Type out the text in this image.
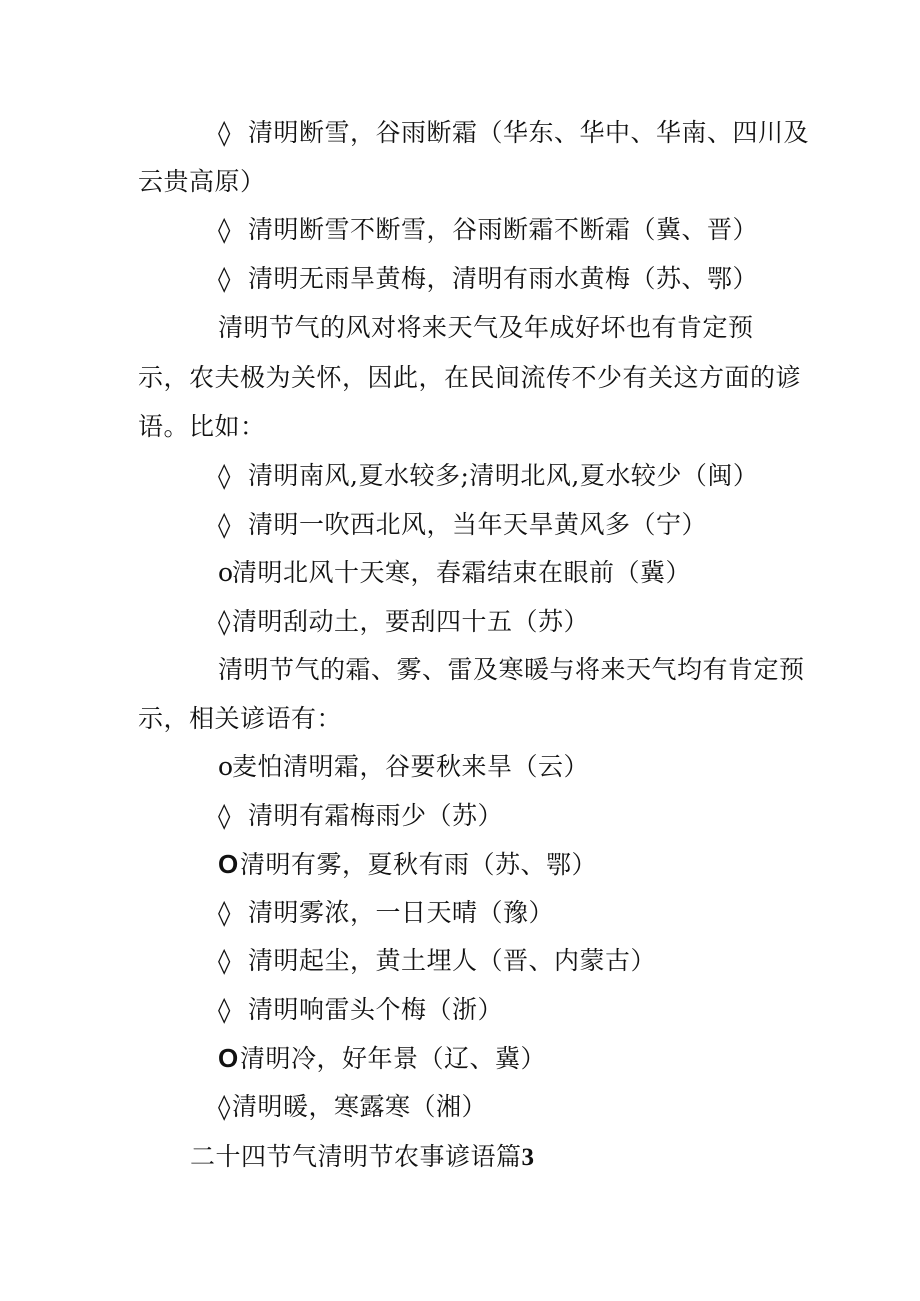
◊ 清明断雪，谷雨断霜（华东、华中、华南、四川及
云贵高原）
◊ 清明断雪不断雪，谷雨断霜不断霜（冀、晋）
◊ 清明无雨旱黄梅，清明有雨水黄梅（苏、鄂）
清明节气的风对将来天气及年成好坏也有肯定预
示，农夫极为关怀，因此，在民间流传不少有关这方面的谚
语。比如：
◊ 清明南风,夏水较多;清明北风,夏水较少（闽）
◊ 清明一吹西北风，当年天旱黄风多（宁）
o清明北风十天寒，春霜结束在眼前（冀）
◊清明刮动土，要刮四十五（苏）
清明节气的霜、雾、雷及寒暖与将来天气均有肯定预
示，相关谚语有：
o麦怕清明霜，谷要秋来旱（云）
◊ 清明有霜梅雨少（苏）
O清明有雾，夏秋有雨（苏、鄂）
◊ 清明雾浓，一日天晴（豫）
◊ 清明起尘，黄土埋人（晋、内蒙古）
◊ 清明响雷头个梅（浙）
O清明冷，好年景（辽、冀）
◊清明暖，寒露寒（湘）
二十四节气清明节农事谚语篇3
